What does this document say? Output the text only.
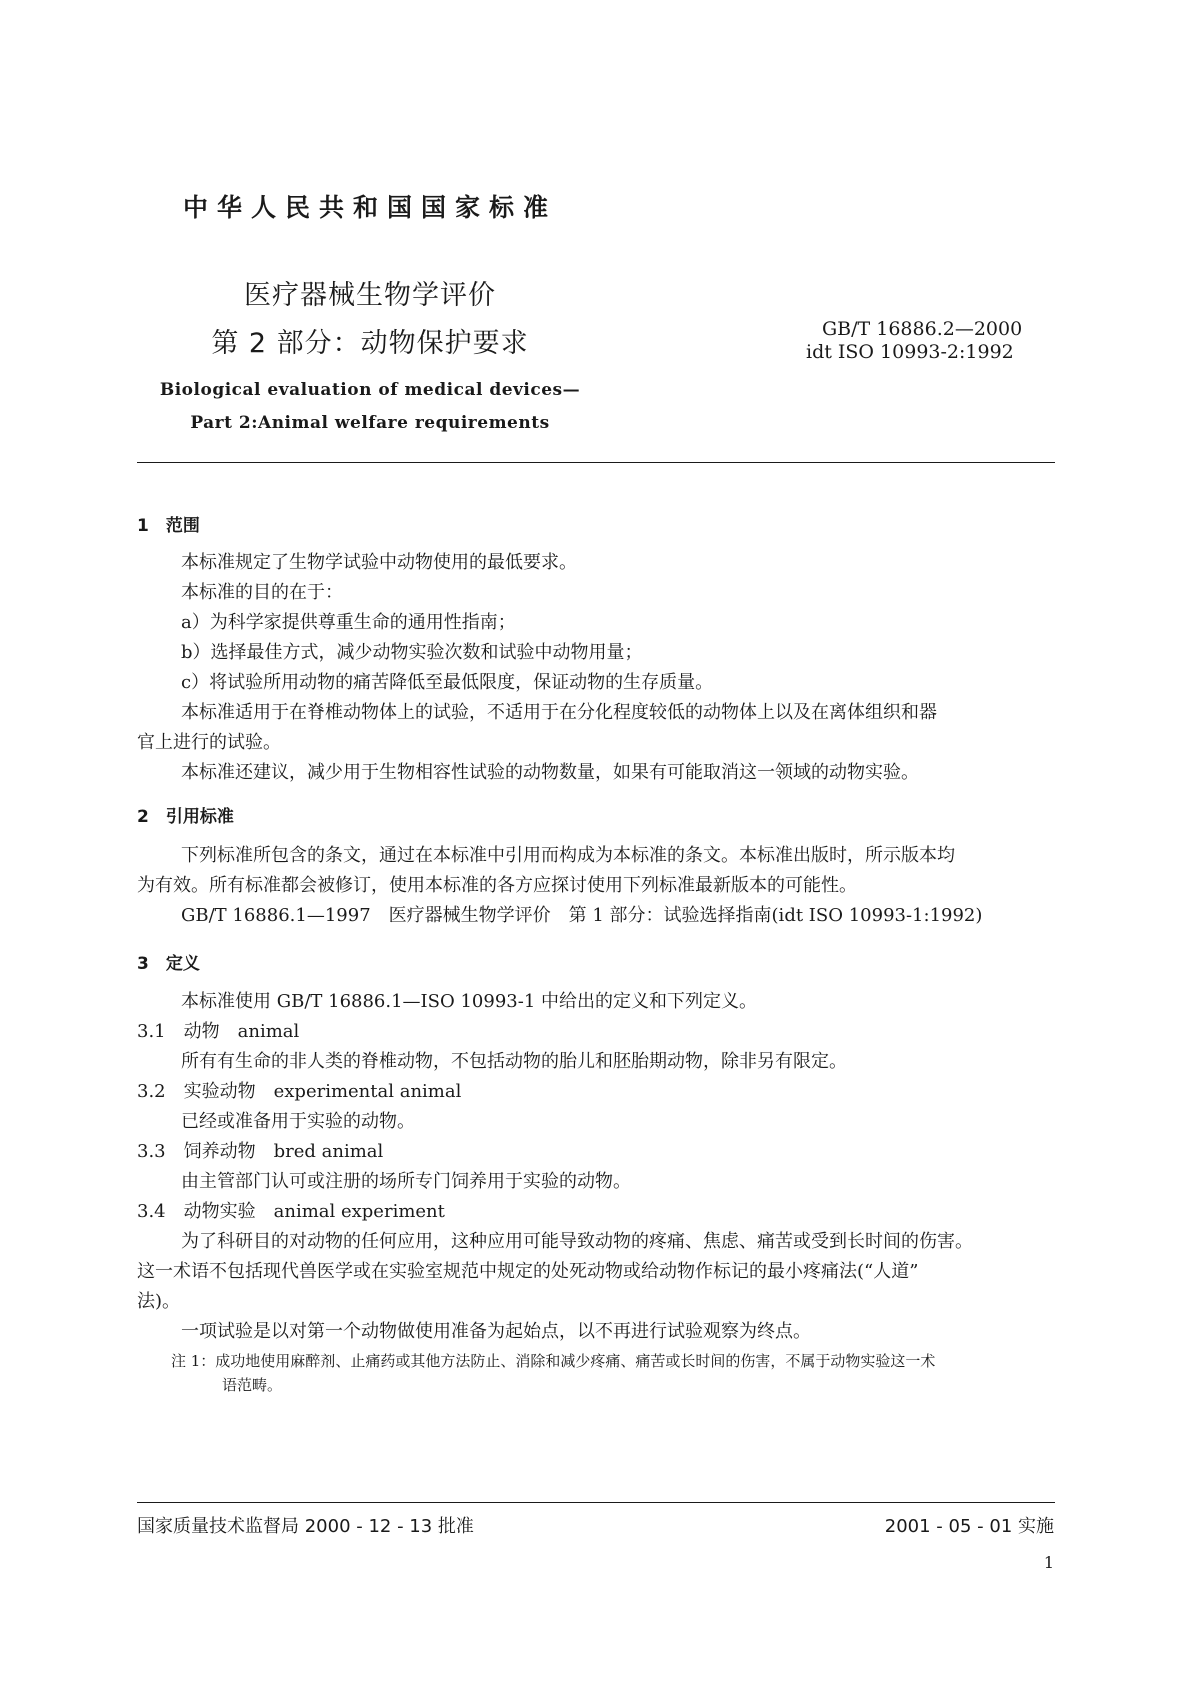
中华人民共和国国家标准
医疗器械生物学评价
第 2 部分：动物保护要求
Biological evaluation of medical devices—
Part 2:Animal welfare requirements
GB/T 16886.2—2000
idt ISO 10993-2:1992
1　范围
本标准规定了生物学试验中动物使用的最低要求。
本标准的目的在于：
a）为科学家提供尊重生命的通用性指南；
b）选择最佳方式，减少动物实验次数和试验中动物用量；
c）将试验所用动物的痛苦降低至最低限度，保证动物的生存质量。
本标准适用于在脊椎动物体上的试验，不适用于在分化程度较低的动物体上以及在离体组织和器
官上进行的试验。
本标准还建议，减少用于生物相容性试验的动物数量，如果有可能取消这一领域的动物实验。
2　引用标准
下列标准所包含的条文，通过在本标准中引用而构成为本标准的条文。本标准出版时，所示版本均
为有效。所有标准都会被修订，使用本标准的各方应探讨使用下列标准最新版本的可能性。
GB/T 16886.1—1997　医疗器械生物学评价　第 1 部分：试验选择指南(idt ISO 10993-1:1992)
3　定义
本标准使用 GB/T 16886.1—ISO 10993-1 中给出的定义和下列定义。
3.1　动物　animal
所有有生命的非人类的脊椎动物，不包括动物的胎儿和胚胎期动物，除非另有限定。
3.2　实验动物　experimental animal
已经或准备用于实验的动物。
3.3　饲养动物　bred animal
由主管部门认可或注册的场所专门饲养用于实验的动物。
3.4　动物实验　animal experiment
为了科研目的对动物的任何应用，这种应用可能导致动物的疼痛、焦虑、痛苦或受到长时间的伤害。
这一术语不包括现代兽医学或在实验室规范中规定的处死动物或给动物作标记的最小疼痛法(“人道”
法)。
一项试验是以对第一个动物做使用准备为起始点，以不再进行试验观察为终点。
注 1：成功地使用麻醉剂、止痛药或其他方法防止、消除和减少疼痛、痛苦或长时间的伤害，不属于动物实验这一术
语范畴。
国家质量技术监督局 2000 - 12 - 13 批准	2001 - 05 - 01 实施
1
